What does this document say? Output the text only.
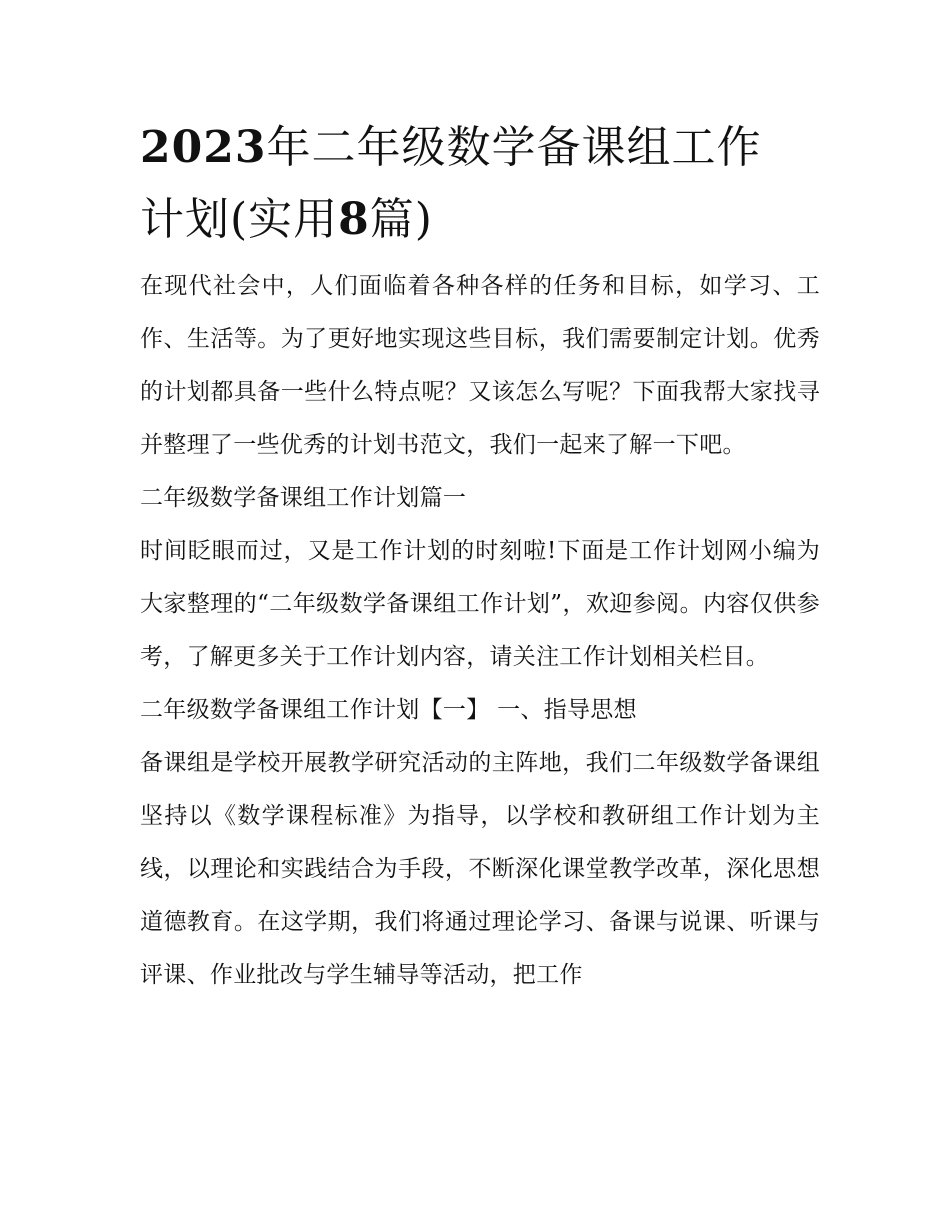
2023年二年级数学备课组工作
计划(实用8篇)

在现代社会中，人们面临着各种各样的任务和目标，如学习、工作、生活等。为了更好地实现这些目标，我们需要制定计划。优秀的计划都具备一些什么特点呢？又该怎么写呢？下面我帮大家找寻并整理了一些优秀的计划书范文，我们一起来了解一下吧。

二年级数学备课组工作计划篇一

时间眨眼而过，又是工作计划的时刻啦!下面是工作计划网小编为大家整理的“二年级数学备课组工作计划”，欢迎参阅。内容仅供参考，了解更多关于工作计划内容，请关注工作计划相关栏目。

二年级数学备课组工作计划【一】 一、指导思想

备课组是学校开展教学研究活动的主阵地，我们二年级数学备课组坚持以《数学课程标准》为指导，以学校和教研组工作计划为主线，以理论和实践结合为手段，不断深化课堂教学改革，深化思想道德教育。在这学期，我们将通过理论学习、备课与说课、听课与评课、作业批改与学生辅导等活动，把工作
